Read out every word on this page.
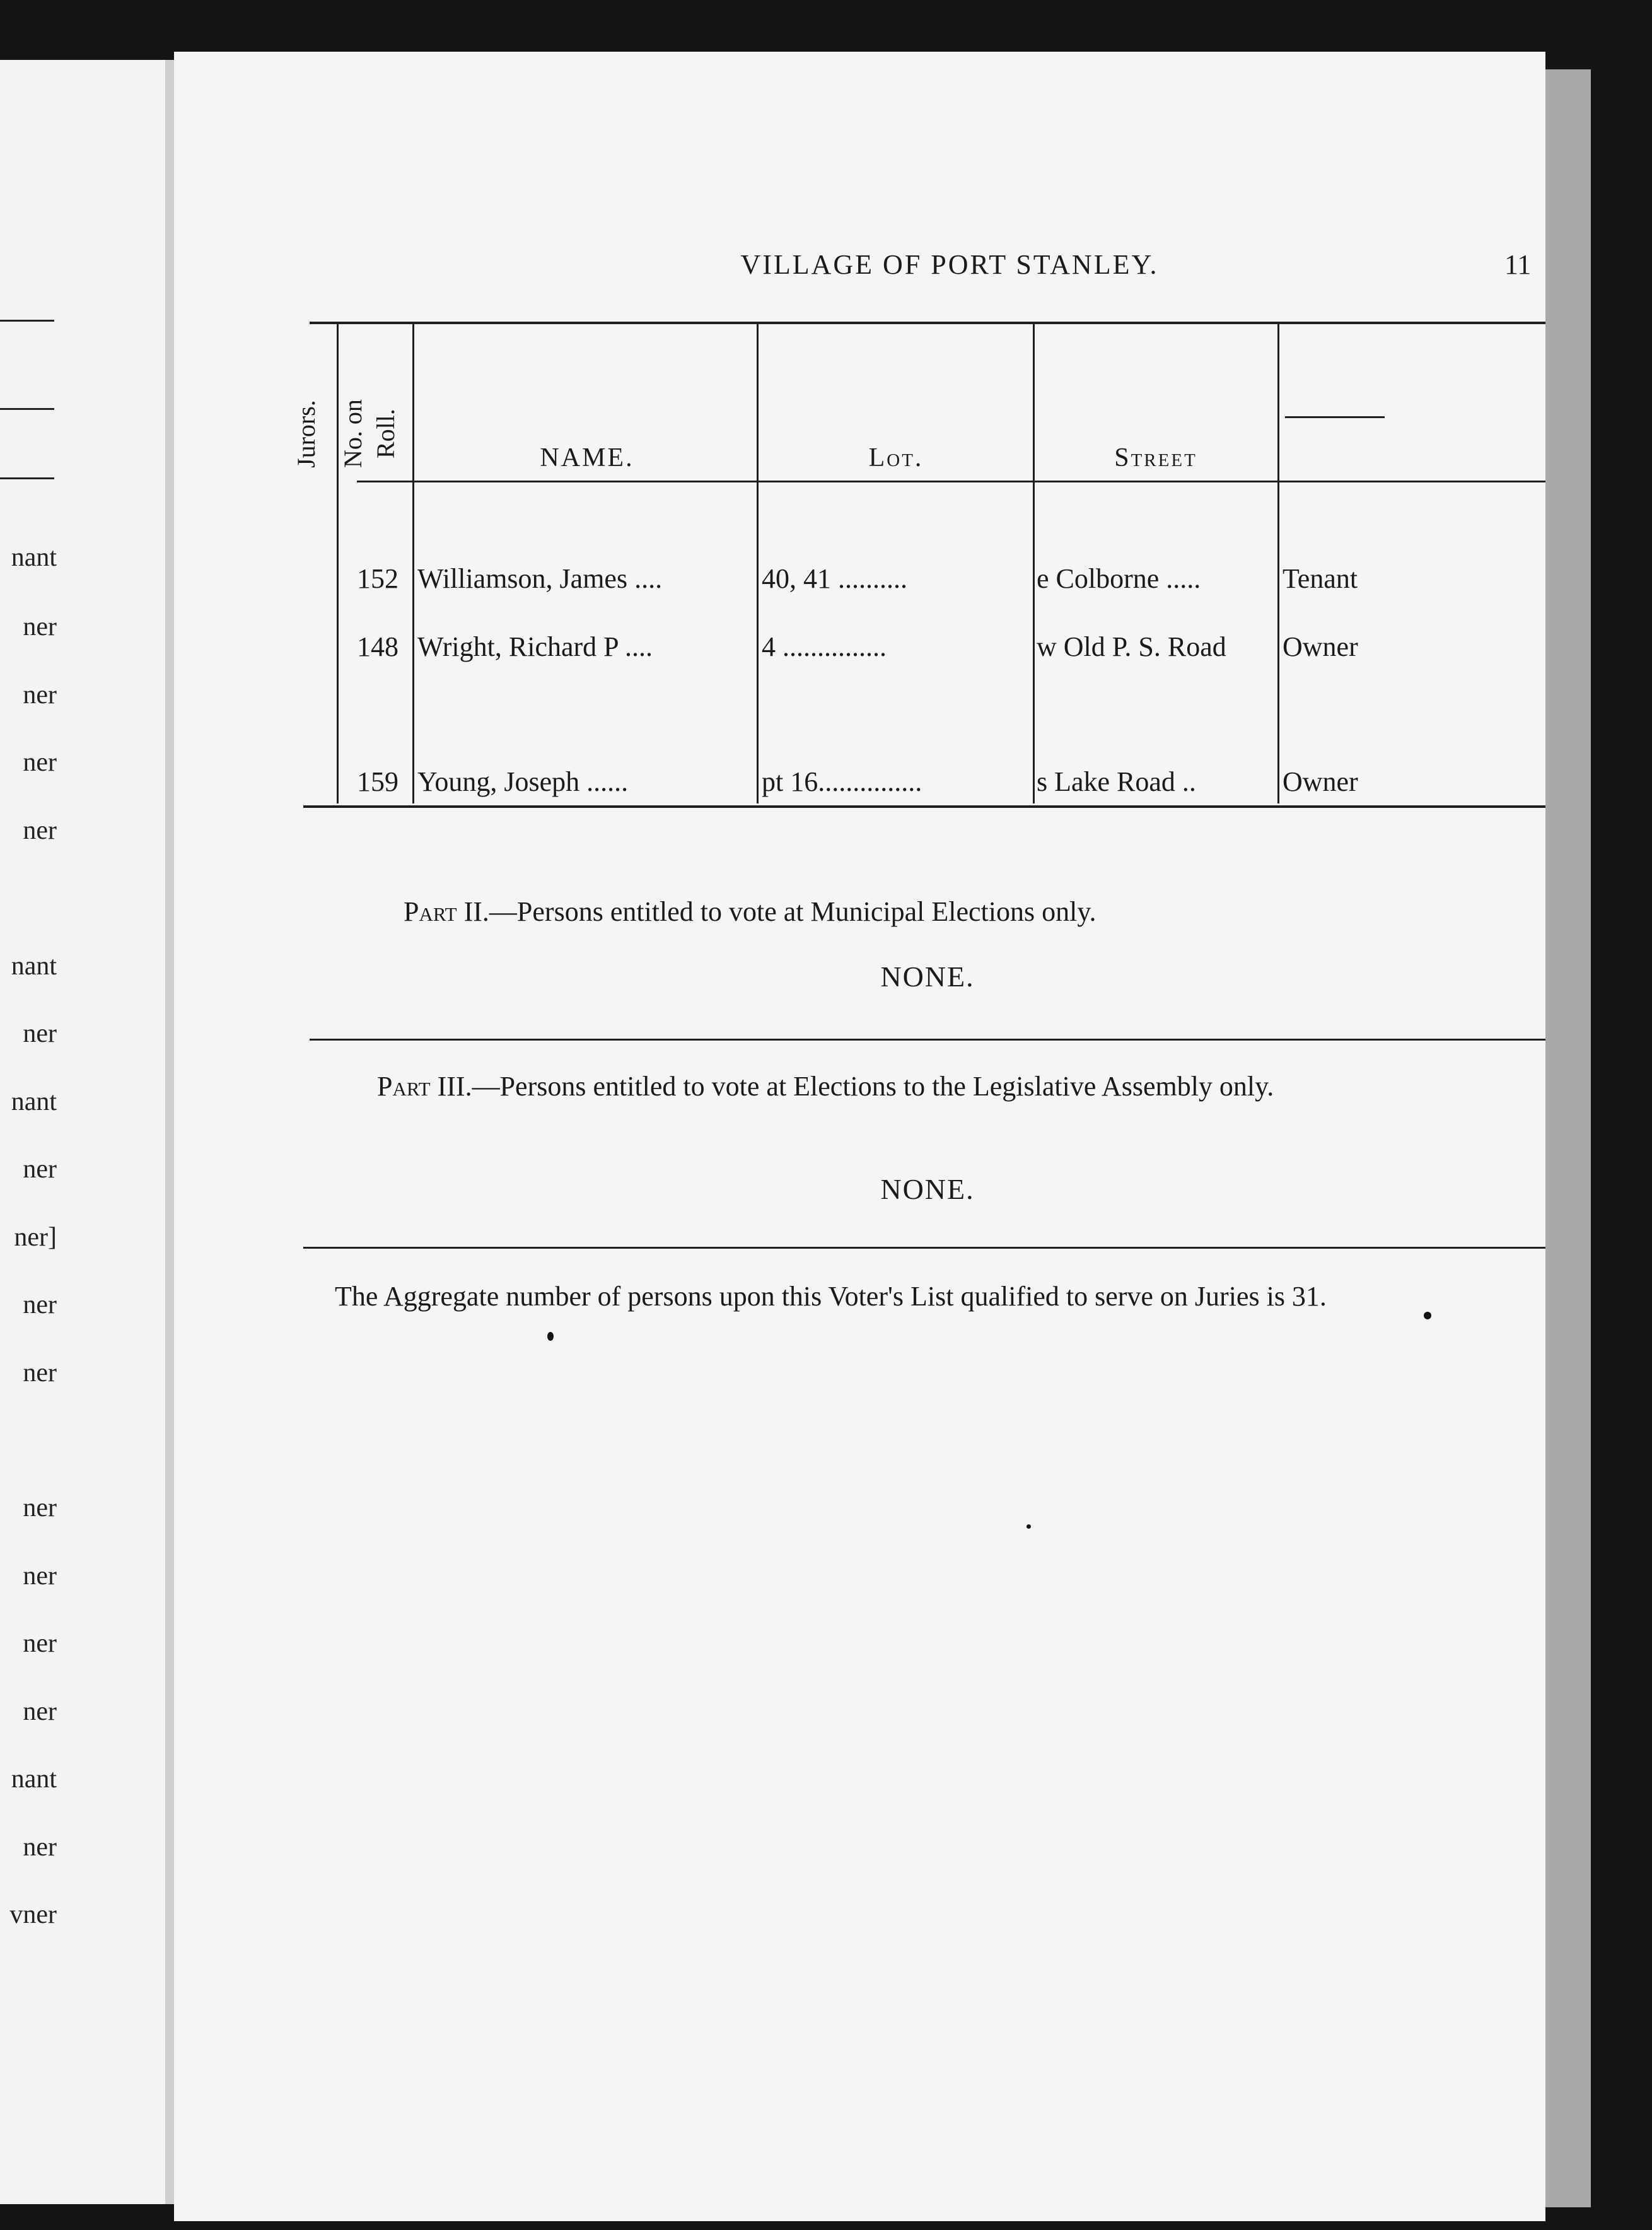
nant
ner
ner
ner
ner
nant
ner
nant
ner
ner]
ner
ner
ner
ner
ner
ner
nant
ner
vner
VILLAGE OF PORT STANLEY.	11
Jurors. No. on Roll.	NAME.	Lot.	Street
152 Williamson, James ....	40, 41 ..........	e Colborne .....	Tenant
148 Wright, Richard P ....	4 ...............	w Old P. S. Road Owner
159 Young, Joseph ......	pt 16...............	s Lake Road ..	Owner
Part II.—Persons entitled to vote at Municipal Elections only.
NONE.
Part III.—Persons entitled to vote at Elections to the Legislative Assembly only.
NONE.
The Aggregate number of persons upon this Voter's List qualified to serve on Juries is 31.
